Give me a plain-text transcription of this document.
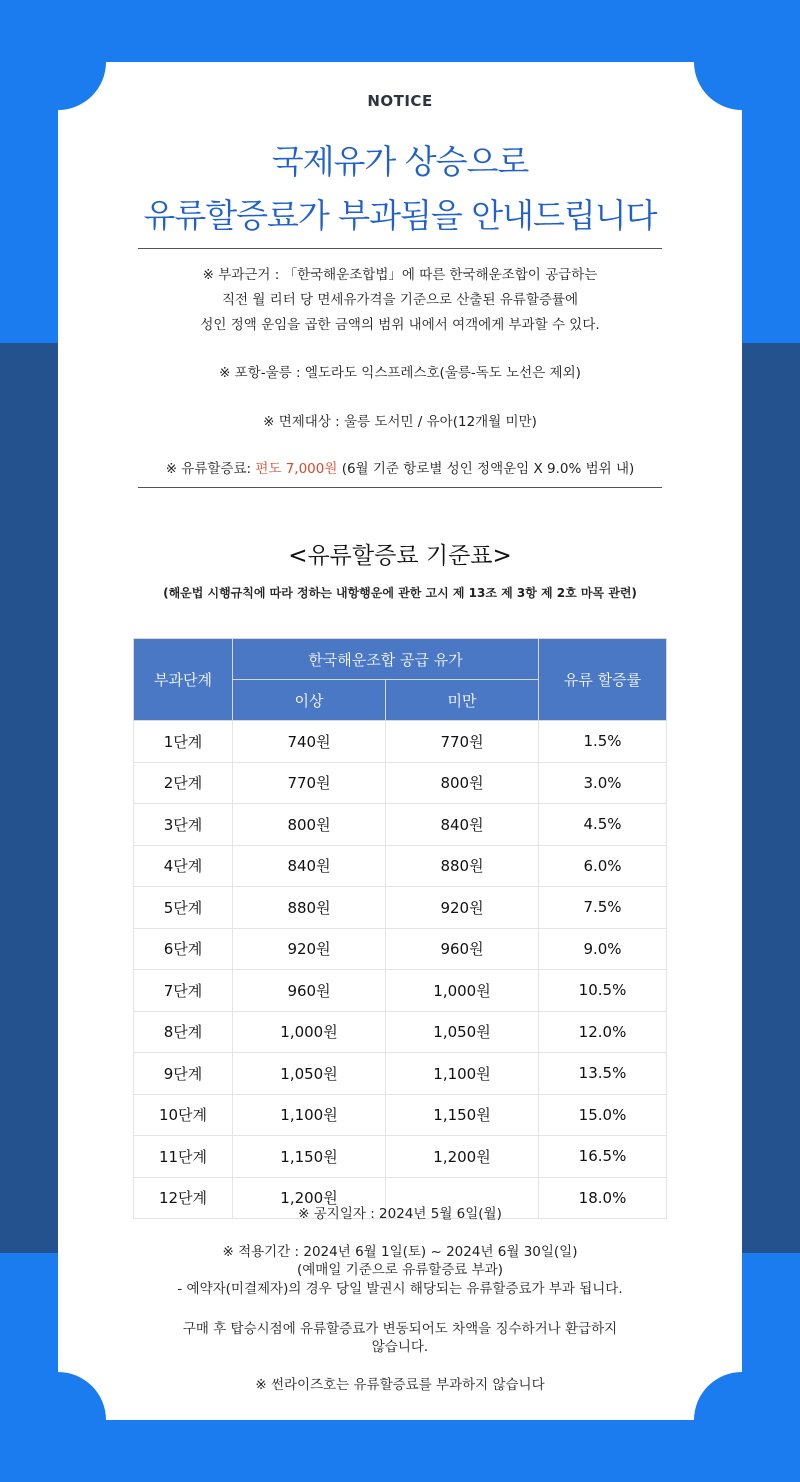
NOTICE
국제유가 상승으로
유류할증료가 부과됨을 안내드립니다
※ 부과근거 : 「한국해운조합법」에 따른 한국해운조합이 공급하는
직전 월 리터 당 면세유가격을 기준으로 산출된 유류할증률에
성인 정액 운임을 곱한 금액의 범위 내에서 여객에게 부과할 수 있다.
※ 포항-울릉 : 엘도라도 익스프레스호(울릉-독도 노선은 제외)
※ 면제대상 : 울릉 도서민 / 유아(12개월 미만)
※ 유류할증료: 편도 7,000원 (6월 기준 항로별 성인 정액운임 X 9.0% 범위 내)
<유류할증료 기준표>
(해운법 시행규칙에 따라 정하는 내항행운에 관한 고시 제 13조 제 3항 제 2호 마목 관련)
부과단계	한국해운조합 공급 유가		유류 할증률
	이상	미만	
1단계	740원	770원	1.5%
2단계	770원	800원	3.0%
3단계	800원	840원	4.5%
4단계	840원	880원	6.0%
5단계	880원	920원	7.5%
6단계	920원	960원	9.0%
7단계	960원	1,000원	10.5%
8단계	1,000원	1,050원	12.0%
9단계	1,050원	1,100원	13.5%
10단계	1,100원	1,150원	15.0%
11단계	1,150원	1,200원	16.5%
12단계	1,200원		18.0%
※ 공지일자 : 2024년 5월 6일(월)
※ 적용기간 : 2024년 6월 1일(토) ~ 2024년 6월 30일(일)
(예매일 기준으로 유류할증료 부과)
- 예약자(미결제자)의 경우 당일 발권시 해당되는 유류할증료가 부과 됩니다.
구매 후 탑승시점에 유류할증료가 변동되어도 차액을 징수하거나 환급하지
않습니다.
※ 썬라이즈호는 유류할증료를 부과하지 않습니다
